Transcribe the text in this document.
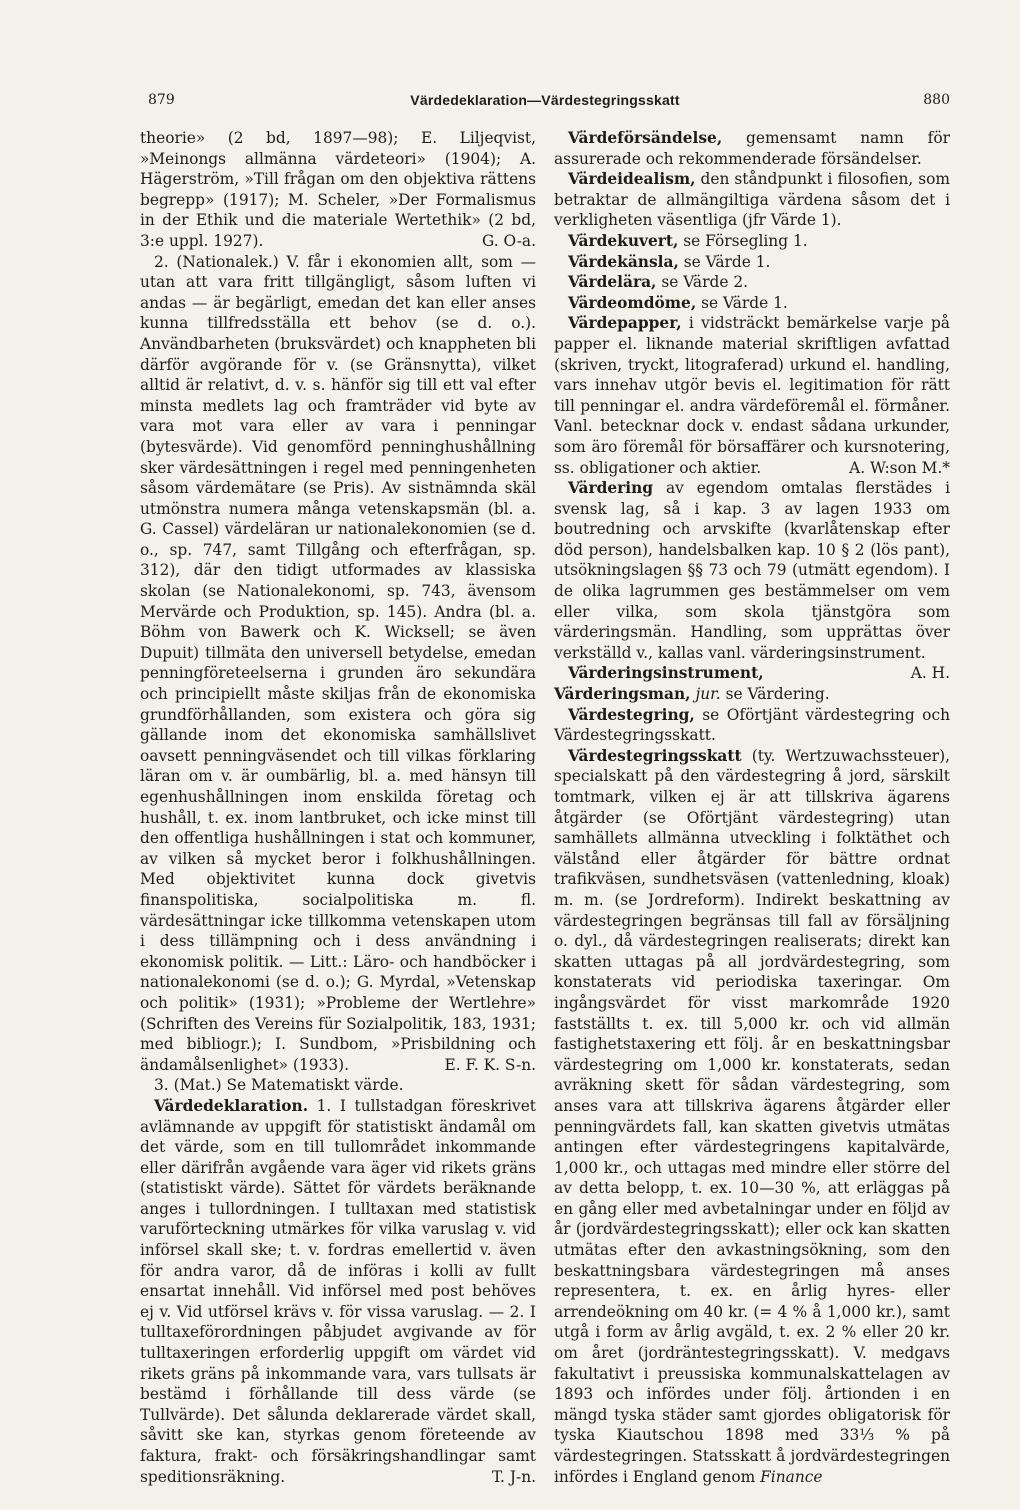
879	Värdedeklaration—Värdestegringsskatt	880

theorie» (2 bd, 1897—98); E. Liljeqvist, »Meinongs allmänna värdeteori» (1904); A. Hägerström, »Till frågan om den objektiva rättens begrepp» (1917); M. Scheler, »Der Formalismus in der Ethik und die materiale Wertethik» (2 bd, 3:e uppl. 1927).	G. O-a.

2. (Nationalek.) V. får i ekonomien allt, som — utan att vara fritt tillgängligt, såsom luften vi andas — är begärligt, emedan det kan eller anses kunna tillfredsställa ett behov (se d. o.). Användbarheten (bruksvärdet) och knappheten bli därför avgörande för v. (se Gränsnytta), vilket alltid är relativt, d. v. s. hänför sig till ett val efter minsta medlets lag och framträder vid byte av vara mot vara eller av vara i penningar (bytesvärde). Vid genomförd penninghushållning sker värdesättningen i regel med penningenheten såsom värdemätare (se Pris). Av sistnämnda skäl utmönstra numera många vetenskapsmän (bl. a. G. Cassel) värdeläran ur nationalekonomien (se d. o., sp. 747, samt Tillgång och efterfrågan, sp. 312), där den tidigt utformades av klassiska skolan (se Nationalekonomi, sp. 743, ävensom Mervärde och Produktion, sp. 145). Andra (bl. a. Böhm von Bawerk och K. Wicksell; se även Dupuit) tillmäta den universell betydelse, emedan penningföreteelserna i grunden äro sekundära och principiellt måste skiljas från de ekonomiska grundförhållanden, som existera och göra sig gällande inom det ekonomiska samhällslivet oavsett penningväsendet och till vilkas förklaring läran om v. är oumbärlig, bl. a. med hänsyn till egenhushållningen inom enskilda företag och hushåll, t. ex. inom lantbruket, och icke minst till den offentliga hushållningen i stat och kommuner, av vilken så mycket beror i folkhushållningen. Med objektivitet kunna dock givetvis finanspolitiska, socialpolitiska m. fl. värdesättningar icke tillkomma vetenskapen utom i dess tillämpning och i dess användning i ekonomisk politik. — Litt.: Läro- och handböcker i nationalekonomi (se d. o.); G. Myrdal, »Vetenskap och politik» (1931); »Probleme der Wertlehre» (Schriften des Vereins für Sozialpolitik, 183, 1931; med bibliogr.); I. Sundbom, »Prisbildning och ändamålsenlighet» (1933).	E. F. K. S-n.

3. (Mat.) Se Matematiskt värde.

Värdedeklaration. 1. I tullstadgan föreskrivet avlämnande av uppgift för statistiskt ändamål om det värde, som en till tullområdet inkommande eller därifrån avgående vara äger vid rikets gräns (statistiskt värde). Sättet för värdets beräknande anges i tullordningen. I tulltaxan med statistisk varuförteckning utmärkes för vilka varuslag v. vid införsel skall ske; t. v. fordras emellertid v. även för andra varor, då de införas i kolli av fullt ensartat innehåll. Vid införsel med post behöves ej v. Vid utförsel krävs v. för vissa varuslag. — 2. I tulltaxeförordningen påbjudet avgivande av för tulltaxeringen erforderlig uppgift om värdet vid rikets gräns på inkommande vara, vars tullsats är bestämd i förhållande till dess värde (se Tullvärde). Det sålunda deklarerade värdet skall, såvitt ske kan, styrkas genom företeende av faktura, frakt- och försäkringshandlingar samt speditionsräkning.	T. J-n.

Värdeförsändelse, gemensamt namn för assurerade och rekommenderade försändelser.

Värdeidealism, den ståndpunkt i filosofien, som betraktar de allmängiltiga värdena såsom det i verkligheten väsentliga (jfr Värde 1).

Värdekuvert, se Försegling 1.

Värdekänsla, se Värde 1.

Värdelära, se Värde 2.

Värdeomdöme, se Värde 1.

Värdepapper, i vidsträckt bemärkelse varje på papper el. liknande material skriftligen avfattad (skriven, tryckt, litograferad) urkund el. handling, vars innehav utgör bevis el. legitimation för rätt till penningar el. andra värdeföremål el. förmåner. Vanl. betecknar dock v. endast sådana urkunder, som äro föremål för börsaffärer och kursnotering, ss. obligationer och aktier.	A. W:son M.*

Värdering av egendom omtalas flerstädes i svensk lag, så i kap. 3 av lagen 1933 om boutredning och arvskifte (kvarlåtenskap efter död person), handelsbalken kap. 10 § 2 (lös pant), utsökningslagen §§ 73 och 79 (utmätt egendom). I de olika lagrummen ges bestämmelser om vem eller vilka, som skola tjänstgöra som värderingsmän. Handling, som upprättas över verkställd v., kallas vanl. värderingsinstrument.
A. H.

Värderingsinstrument, Värderingsman, jur. se Värdering.

Värdestegring, se Oförtjänt värdestegring och Värdestegringsskatt.

Värdestegringsskatt (ty. Wertzuwachssteuer), specialskatt på den värdestegring å jord, särskilt tomtmark, vilken ej är att tillskriva ägarens åtgärder (se Oförtjänt värdestegring) utan samhällets allmänna utveckling i folktäthet och välstånd eller åtgärder för bättre ordnat trafikväsen, sundhetsväsen (vattenledning, kloak) m. m. (se Jordreform). Indirekt beskattning av värdestegringen begränsas till fall av försäljning o. dyl., då värdestegringen realiserats; direkt kan skatten uttagas på all jordvärdestegring, som konstaterats vid periodiska taxeringar. Om ingångsvärdet för visst markområde 1920 fastställts t. ex. till 5,000 kr. och vid allmän fastighetstaxering ett följ. år en beskattningsbar värdestegring om 1,000 kr. konstaterats, sedan avräkning skett för sådan värdestegring, som anses vara att tillskriva ägarens åtgärder eller penningvärdets fall, kan skatten givetvis utmätas antingen efter värdestegringens kapitalvärde, 1,000 kr., och uttagas med mindre eller större del av detta belopp, t. ex. 10—30 %, att erläggas på en gång eller med avbetalningar under en följd av år (jordvärdestegringsskatt); eller ock kan skatten utmätas efter den avkastningsökning, som den beskattningsbara värdestegringen må anses representera, t. ex. en årlig hyres- eller arrendeökning om 40 kr. (= 4 % å 1,000 kr.), samt utgå i form av årlig avgäld, t. ex. 2 % eller 20 kr. om året (jordräntestegringsskatt). V. medgavs fakultativt i preussiska kommunalskattelagen av 1893 och infördes under följ. årtionden i en mängd tyska städer samt gjordes obligatorisk för tyska Kiautschou 1898 med 33⅓ % på värdestegringen. Statsskatt å jordvärdestegringen infördes i England genom Finance
